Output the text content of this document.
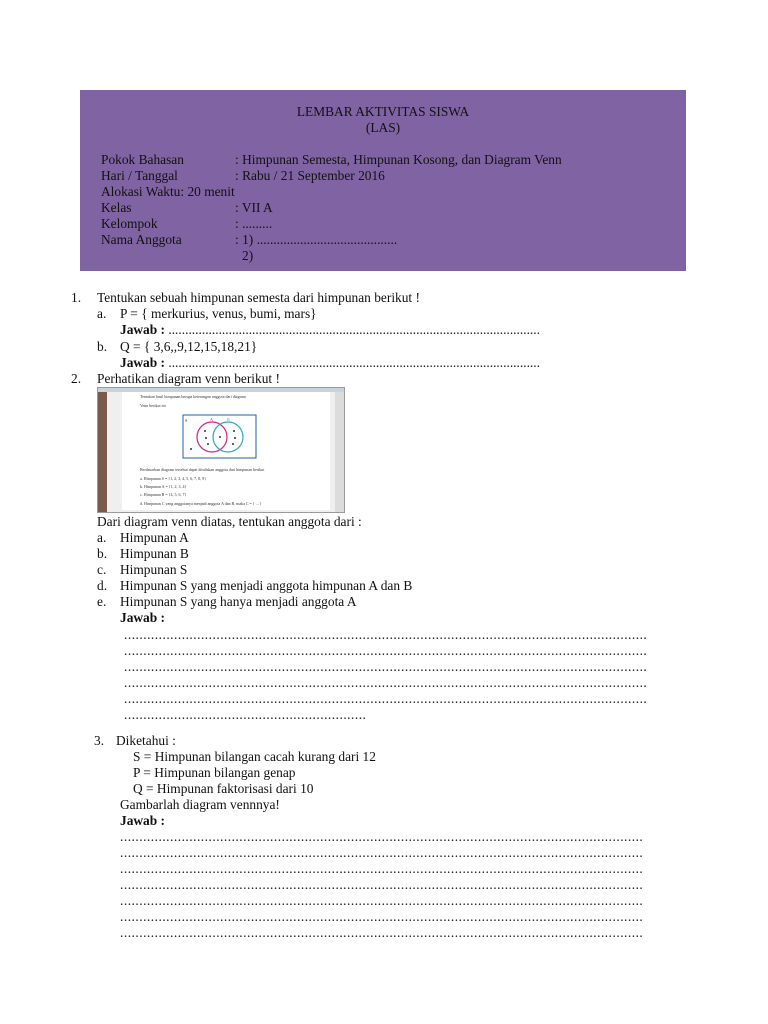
LEMBAR AKTIVITAS SISWA
(LAS)
Pokok Bahasan	: Himpunan Semesta, Himpunan Kosong, dan Diagram Venn
Hari / Tanggal	: Rabu / 21 September 2016
Alokasi Waktu: 20 menit
Kelas	: VII A
Kelompok	: .........
Nama Anggota	: 1) ..........................................
2)
1. Tentukan sebuah himpunan semesta dari himpunan berikut !
a. P = { merkurius, venus, bumi, mars}
Jawab : ...............................................................................................................
b. Q = { 3,6,,9,12,15,18,21}
Jawab : ...............................................................................................................
2. Perhatikan diagram venn berikut !
Tentukan hasil himpunan berupa keterangan anggota dari diagram
Venn berikut ini
S	A	B
Berdasarkan diagram tersebut dapat dituliskan anggota dari himpunan berikut
a. Himpunan S = {1, 2, 3, 4, 5, 6, 7, 8, 9}
b. Himpunan A = {1, 2, 3, 4}
c. Himpunan B = {4, 5, 6, 7}
d. Himpunan C yang anggotanya menjadi anggota A dan B, maka C = { ... }
Dari diagram venn diatas, tentukan anggota dari :
a. Himpunan A
b. Himpunan B
c. Himpunan S
d. Himpunan S yang menjadi anggota himpunan A dan B
e. Himpunan S yang hanya menjadi anggota A
Jawab :
........................................................................................................................................
........................................................................................................................................
........................................................................................................................................
........................................................................................................................................
........................................................................................................................................
...............................................................
3. Diketahui :
S = Himpunan bilangan cacah kurang dari 12
P = Himpunan bilangan genap
Q = Himpunan faktorisasi dari 10
Gambarlah diagram vennnya!
Jawab :
........................................................................................................................................
........................................................................................................................................
........................................................................................................................................
........................................................................................................................................
........................................................................................................................................
........................................................................................................................................
........................................................................................................................................
